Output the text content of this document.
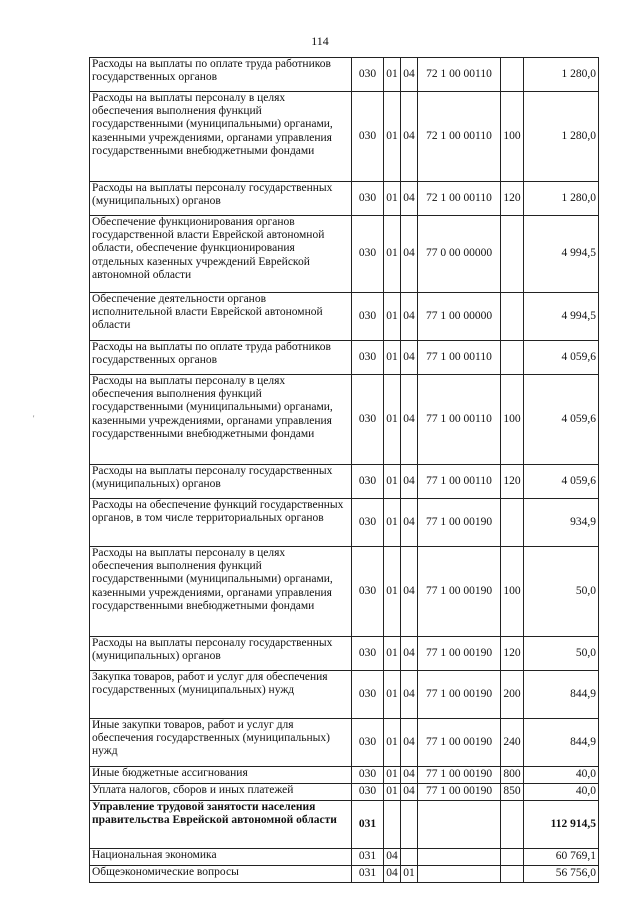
114
'
Расходы на выплаты по оплате труда работников государственных органов	030	01	04	72 1 00 00110		1 280,0
Расходы на выплаты персоналу в целях обеспечения выполнения функций государственными (муниципальными) органами, казенными учреждениями, органами управления государственными внебюджетными фондами	030	01	04	72 1 00 00110	100	1 280,0
Расходы на выплаты персоналу государственных (муниципальных) органов	030	01	04	72 1 00 00110	120	1 280,0
Обеспечение функционирования органов государственной власти Еврейской автономной области, обеспечение функционирования отдельных казенных учреждений Еврейской автономной области	030	01	04	77 0 00 00000		4 994,5
Обеспечение деятельности органов исполнительной власти Еврейской автономной области	030	01	04	77 1 00 00000		4 994,5
Расходы на выплаты по оплате труда работников государственных органов	030	01	04	77 1 00 00110		4 059,6
Расходы на выплаты персоналу в целях обеспечения выполнения функций государственными (муниципальными) органами, казенными учреждениями, органами управления государственными внебюджетными фондами	030	01	04	77 1 00 00110	100	4 059,6
Расходы на выплаты персоналу государственных (муниципальных) органов	030	01	04	77 1 00 00110	120	4 059,6
Расходы на обеспечение функций государственных органов, в том числе территориальных органов	030	01	04	77 1 00 00190		934,9
Расходы на выплаты персоналу в целях обеспечения выполнения функций государственными (муниципальными) органами, казенными учреждениями, органами управления государственными внебюджетными фондами	030	01	04	77 1 00 00190	100	50,0
Расходы на выплаты персоналу государственных (муниципальных) органов	030	01	04	77 1 00 00190	120	50,0
Закупка товаров, работ и услуг для обеспечения государственных (муниципальных) нужд	030	01	04	77 1 00 00190	200	844,9
Иные закупки товаров, работ и услуг для обеспечения государственных (муниципальных) нужд	030	01	04	77 1 00 00190	240	844,9
Иные бюджетные ассигнования	030	01	04	77 1 00 00190	800	40,0
Уплата налогов, сборов и иных платежей	030	01	04	77 1 00 00190	850	40,0
Управление трудовой занятости населения правительства Еврейской автономной области	031					112 914,5
Национальная экономика	031	04				60 769,1
Общеэкономические вопросы	031	04	01			56 756,0
